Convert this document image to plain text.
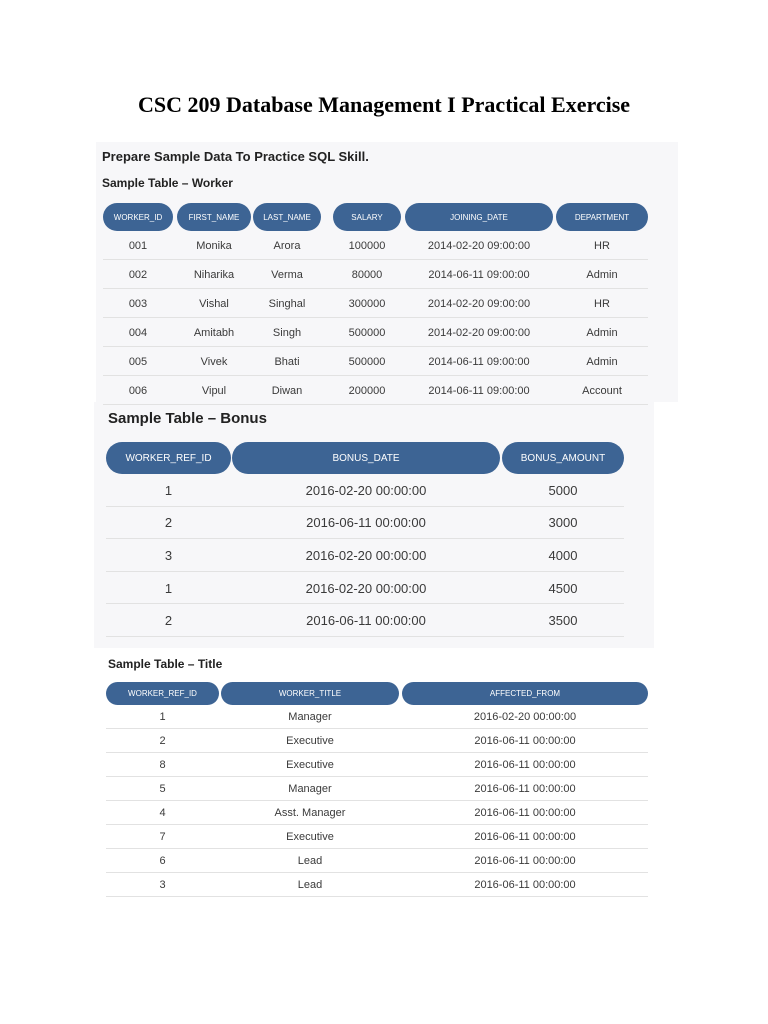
CSC 209 Database Management I Practical Exercise
Prepare Sample Data To Practice SQL Skill.
Sample Table – Worker
Sample Table – Bonus
Sample Table – Title
WORKER_ID	FIRST_NAME	LAST_NAME	SALARY	JOINING_DATE	DEPARTMENT
001	Monika	Arora	100000	2014-02-20 09:00:00	HR
002	Niharika	Verma	80000	2014-06-11 09:00:00	Admin
003	Vishal	Singhal	300000	2014-02-20 09:00:00	HR
004	Amitabh	Singh	500000	2014-02-20 09:00:00	Admin
005	Vivek	Bhati	500000	2014-06-11 09:00:00	Admin
006	Vipul	Diwan	200000	2014-06-11 09:00:00	Account
WORKER_REF_ID	BONUS_DATE	BONUS_AMOUNT
1	2016-02-20 00:00:00	5000
2	2016-06-11 00:00:00	3000
3	2016-02-20 00:00:00	4000
1	2016-02-20 00:00:00	4500
2	2016-06-11 00:00:00	3500
WORKER_REF_ID	WORKER_TITLE	AFFECTED_FROM
1	Manager	2016-02-20 00:00:00
2	Executive	2016-06-11 00:00:00
8	Executive	2016-06-11 00:00:00
5	Manager	2016-06-11 00:00:00
4	Asst. Manager	2016-06-11 00:00:00
7	Executive	2016-06-11 00:00:00
6	Lead	2016-06-11 00:00:00
3	Lead	2016-06-11 00:00:00
